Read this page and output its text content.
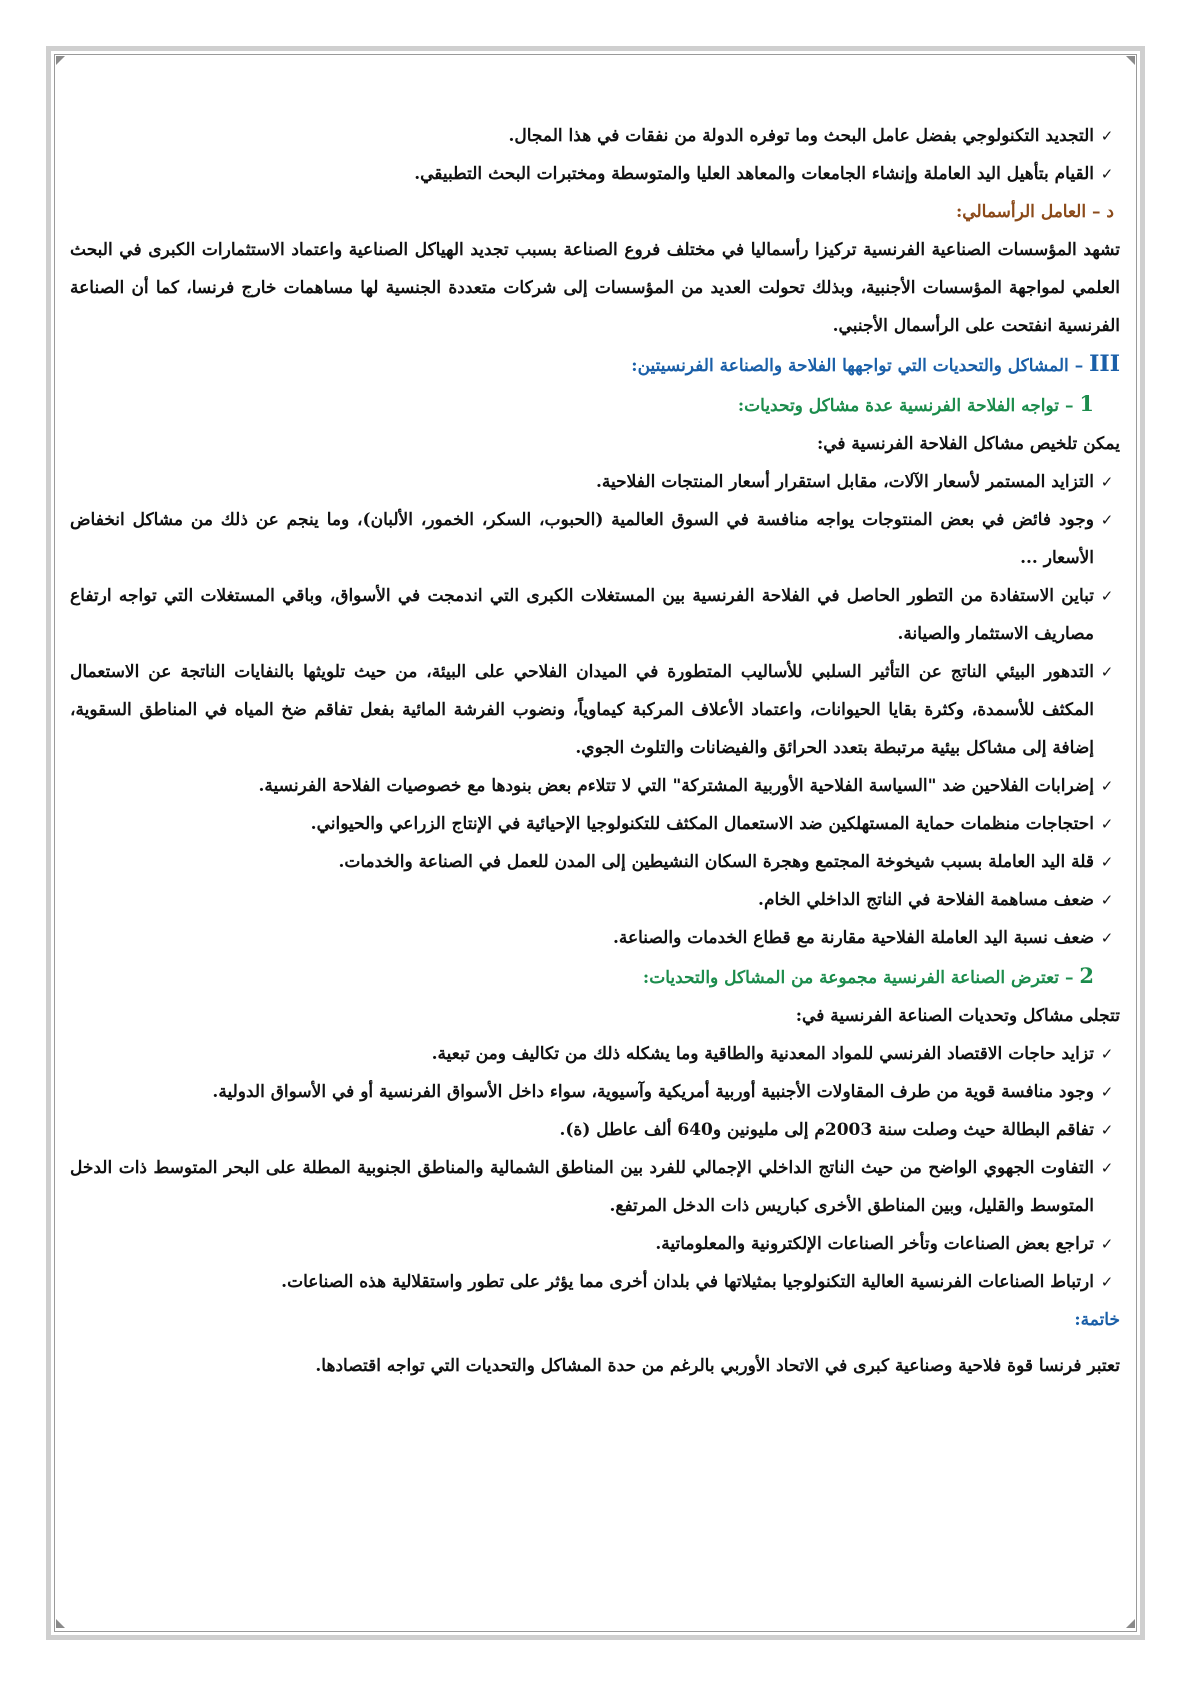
✓
التجديد التكنولوجي بفضل عامل البحث وما توفره الدولة من نفقات في هذا المجال.
✓
القيام بتأهيل اليد العاملة وإنشاء الجامعات والمعاهد العليا والمتوسطة ومختبرات البحث التطبيقي.
د – العامل الرأسمالي:
تشهد المؤسسات الصناعية الفرنسية تركيزا رأسماليا في مختلف فروع الصناعة بسبب تجديد الهياكل الصناعية واعتماد الاستثمارات الكبرى في البحث العلمي لمواجهة المؤسسات الأجنبية، وبذلك تحولت العديد من المؤسسات إلى شركات متعددة الجنسية لها مساهمات خارج فرنسا، كما أن الصناعة الفرنسية انفتحت على الرأسمال الأجنبي.
III – المشاكل والتحديات التي تواجهها الفلاحة والصناعة الفرنسيتين:
1 – تواجه الفلاحة الفرنسية عدة مشاكل وتحديات:
يمكن تلخيص مشاكل الفلاحة الفرنسية في:
✓
التزايد المستمر لأسعار الآلات، مقابل استقرار أسعار المنتجات الفلاحية.
✓
وجود فائض في بعض المنتوجات يواجه منافسة في السوق العالمية (الحبوب، السكر، الخمور، الألبان)، وما ينجم عن ذلك من مشاكل انخفاض الأسعار ...
✓
تباين الاستفادة من التطور الحاصل في الفلاحة الفرنسية بين المستغلات الكبرى التي اندمجت في الأسواق، وباقي المستغلات التي تواجه ارتفاع مصاريف الاستثمار والصيانة.
✓
التدهور البيئي الناتج عن التأثير السلبي للأساليب المتطورة في الميدان الفلاحي على البيئة، من حيث تلويثها بالنفايات الناتجة عن الاستعمال المكثف للأسمدة، وكثرة بقايا الحيوانات، واعتماد الأعلاف المركبة كيماوياً، ونضوب الفرشة المائية بفعل تفاقم ضخ المياه في المناطق السقوية، إضافة إلى مشاكل بيئية مرتبطة بتعدد الحرائق والفيضانات والتلوث الجوي.
✓
إضرابات الفلاحين ضد "السياسة الفلاحية الأوربية المشتركة" التي لا تتلاءم بعض بنودها مع خصوصيات الفلاحة الفرنسية.
✓
احتجاجات منظمات حماية المستهلكين ضد الاستعمال المكثف للتكنولوجيا الإحيائية في الإنتاج الزراعي والحيواني.
✓
قلة اليد العاملة بسبب شيخوخة المجتمع وهجرة السكان النشيطين إلى المدن للعمل في الصناعة والخدمات.
✓
ضعف مساهمة الفلاحة في الناتج الداخلي الخام.
✓
ضعف نسبة اليد العاملة الفلاحية مقارنة مع قطاع الخدمات والصناعة.
2 – تعترض الصناعة الفرنسية مجموعة من المشاكل والتحديات:
تتجلى مشاكل وتحديات الصناعة الفرنسية في:
✓
تزايد حاجات الاقتصاد الفرنسي للمواد المعدنية والطاقية وما يشكله ذلك من تكاليف ومن تبعية.
✓
وجود منافسة قوية من طرف المقاولات الأجنبية أوربية أمريكية وآسيوية، سواء داخل الأسواق الفرنسية أو في الأسواق الدولية.
✓
تفاقم البطالة حيث وصلت سنة 2003م إلى مليونين و640 ألف عاطل (ة).
✓
التفاوت الجهوي الواضح من حيث الناتج الداخلي الإجمالي للفرد بين المناطق الشمالية والمناطق الجنوبية المطلة على البحر المتوسط ذات الدخل المتوسط والقليل، وبين المناطق الأخرى كباريس ذات الدخل المرتفع.
✓
تراجع بعض الصناعات وتأخر الصناعات الإلكترونية والمعلوماتية.
✓
ارتباط الصناعات الفرنسية العالية التكنولوجيا بمثيلاتها في بلدان أخرى مما يؤثر على تطور واستقلالية هذه الصناعات.
خاتمة:
تعتبر فرنسا قوة فلاحية وصناعية كبرى في الاتحاد الأوربي بالرغم من حدة المشاكل والتحديات التي تواجه اقتصادها.
